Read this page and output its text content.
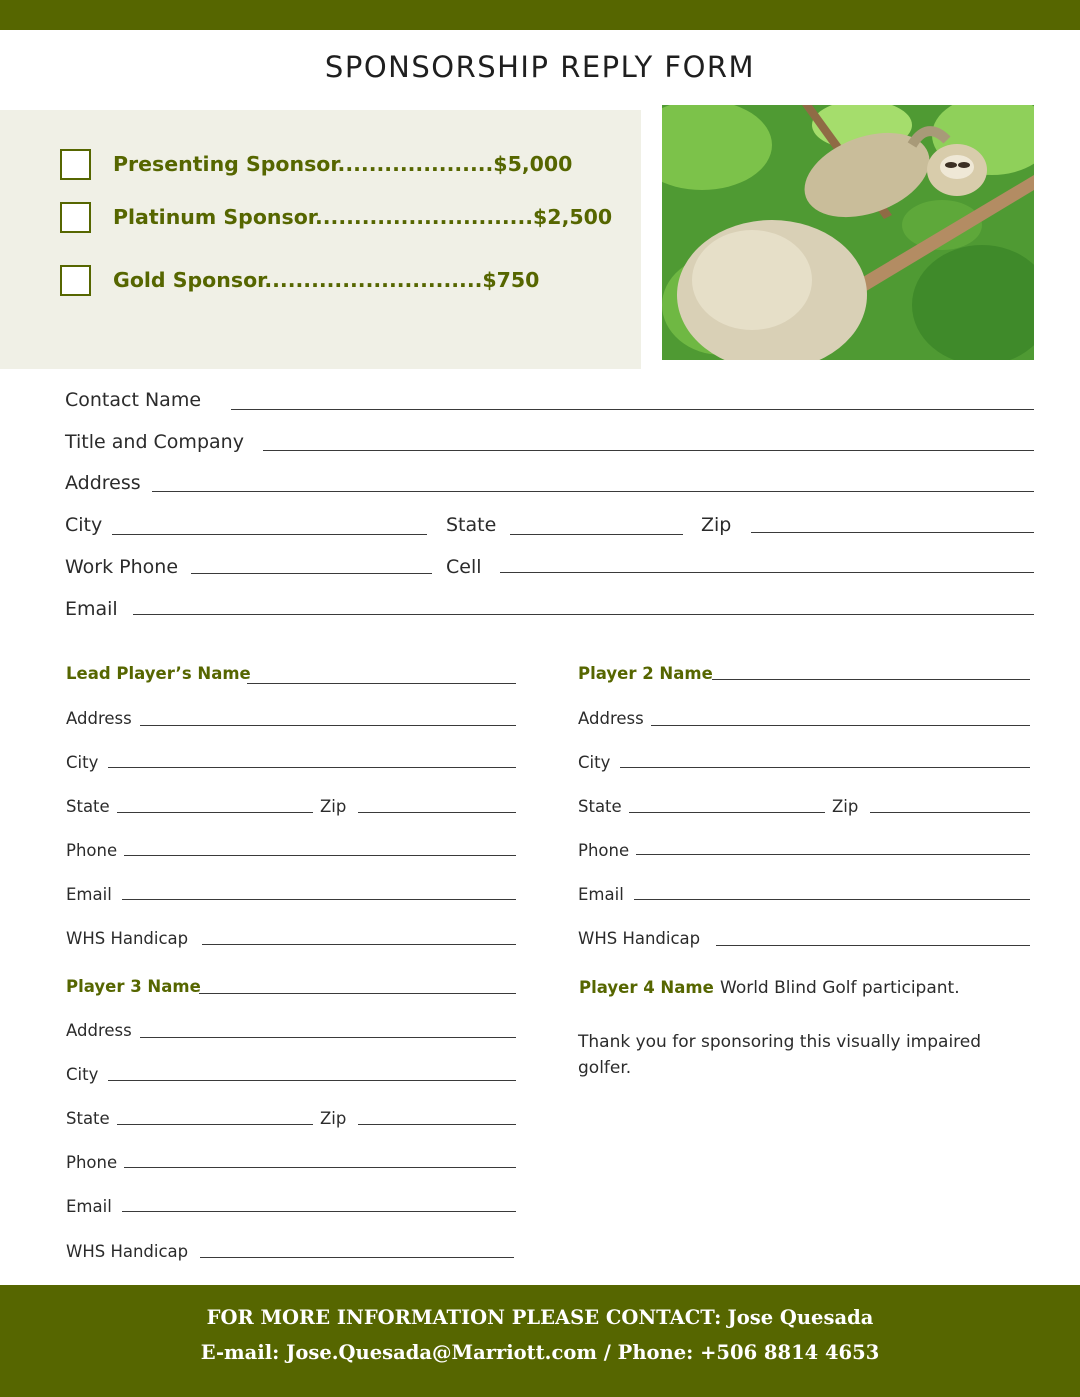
SPONSORSHIP REPLY FORM
Presenting Sponsor....................$5,000
Platinum Sponsor............................$2,500
Gold Sponsor............................$750
Contact Name
Title and Company
Address
City	State	Zip
Work Phone	Cell
Email
Lead Player’s Name
Address
City
State	Zip
Phone
Email
WHS Handicap
Player 2 Name
Address
City
State	Zip
Phone
Email
WHS Handicap
Player 3 Name
Address
City
State	Zip
Phone
Email
WHS Handicap
Player 4 Name World Blind Golf participant.

Thank you for sponsoring this visually impaired golfer.

FOR MORE INFORMATION PLEASE CONTACT: Jose Quesada
E-mail: Jose.Quesada@Marriott.com / Phone: +506 8814 4653
